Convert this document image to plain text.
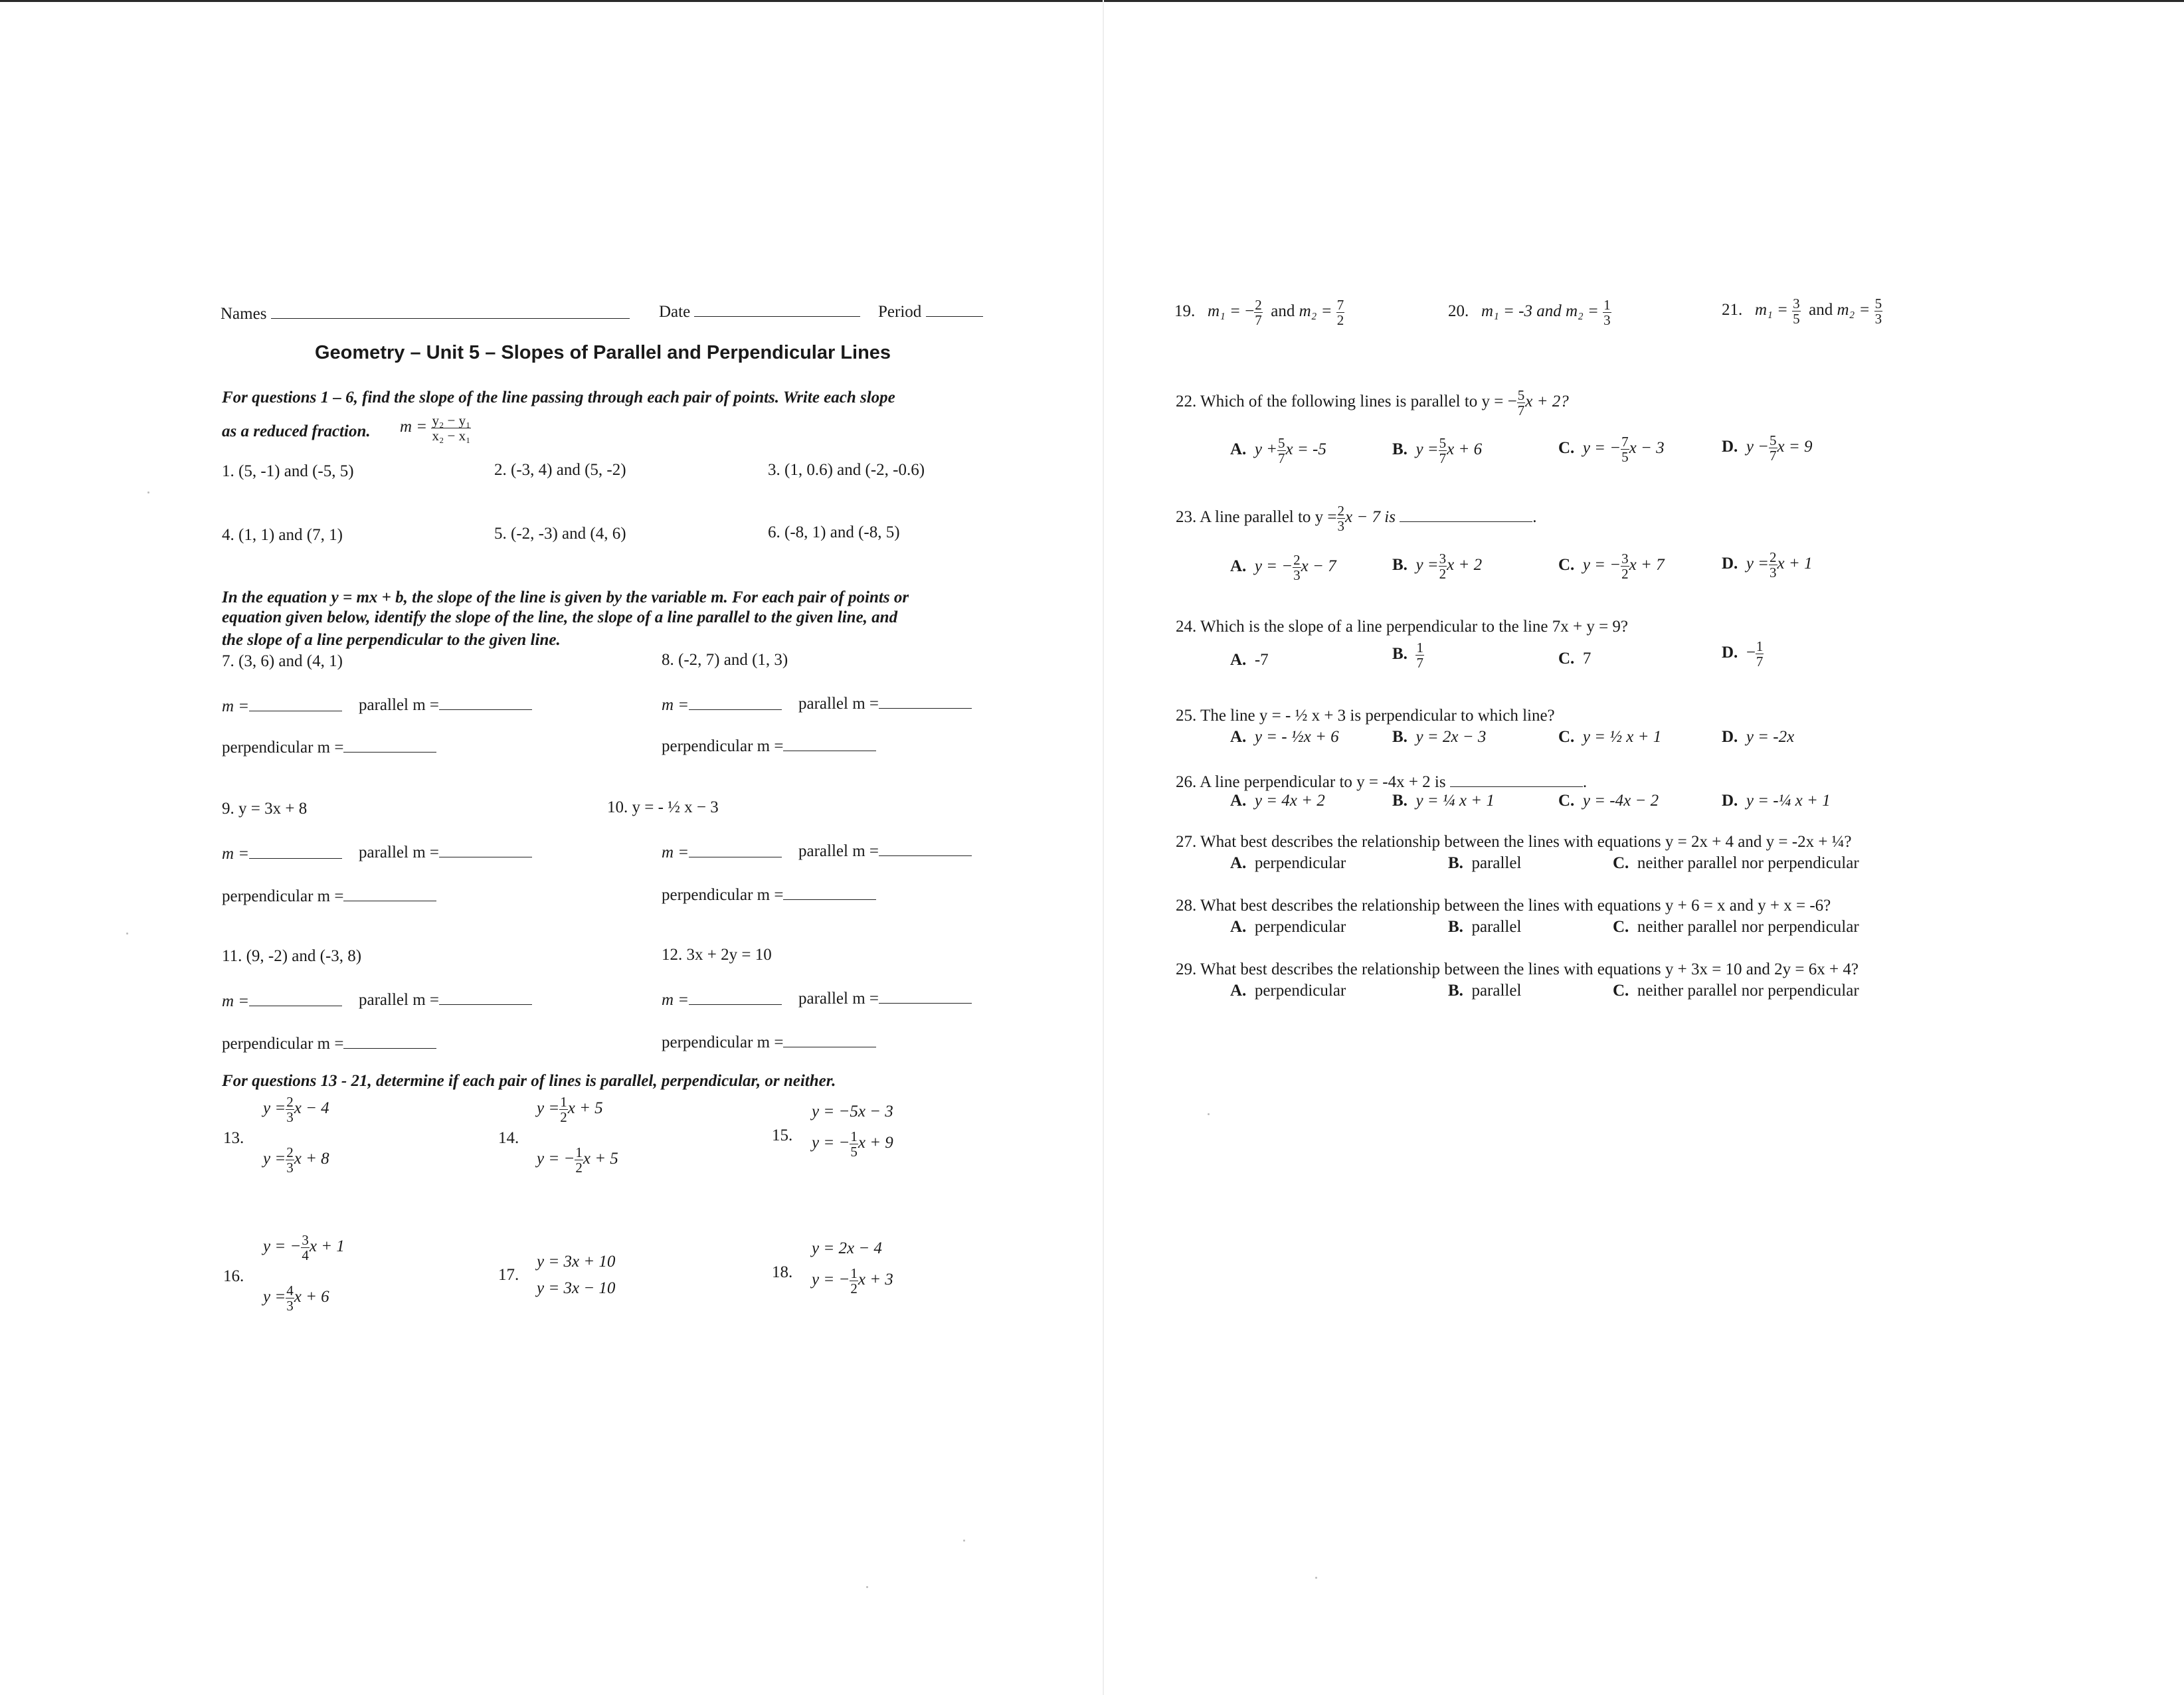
Names	Date	Period
Geometry – Unit 5 – Slopes of Parallel and Perpendicular Lines
For questions 1 – 6, find the slope of the line passing through each pair of points. Write each slope
as a reduced fraction. $m = \frac{\text{y₂ − y₁}}{\text{x₂ − x₁}}$
1. (5, -1) and (-5, 5)	2. (-3, 4) and (5, -2)	3. (1, 0.6) and (-2, -0.6)
4. (1, 1) and (7, 1)	5. (-2, -3) and (4, 6)	6. (-8, 1) and (-8, 5)
In the equation y = mx + b, the slope of the line is given by the variable m. For each pair of points or
equation given below, identify the slope of the line, the slope of a line parallel to the given line, and
the slope of a line perpendicular to the given line.
7. (3, 6) and (4, 1)	8. (-2, 7) and (1, 3)
m =	parallel m =
perpendicular m =
m =	parallel m =
perpendicular m =
9. y = 3x + 8	10. y = - ½ x − 3
m =	parallel m =
perpendicular m =
m =	parallel m =
perpendicular m =
11. (9, -2) and (-3, 8)	12. 3x + 2y = 10
m =	parallel m =
perpendicular m =
m =	parallel m =
perpendicular m =
For questions 13 - 21, determine if each pair of lines is parallel, perpendicular, or neither.
13.
$y = \frac{2}{3}$ x − 4
$y = \frac{2}{3}$ x + 8
14.
$y = \frac{1}{2}$ x + 5
y = − $\frac{1}{2}$ x + 5
15.
y = −5x − 3
y = − $\frac{1}{5}$ x + 9
16.
y = − $\frac{3}{4}$ x + 1
$y = \frac{4}{3}$ x + 6
17.
y = 3x + 10
y = 3x − 10
18.
y = 2x − 4
y = − $\frac{1}{2}$ x + 3
19. m₁ = − $\frac{2}{7}$ and $m_2 = \frac{7}{2}$	20. m₁ = -3 and $m_2 = \frac{1}{3}$	21. $m_1 = \frac{3}{5}$ and $m_2 = \frac{5}{3}$
22. Which of the following lines is parallel to y = − $\frac{5}{7}$ x + 2?
A. $y + \frac{5}{7}$ x = -5	B. $y = \frac{5}{7}$ x + 6	C. y = − $\frac{7}{5}$ x − 3	D. $y - \frac{5}{7}$ x = 9
23. A line parallel to $y = \frac{2}{3}$ x − 7 is	.
A. y = − $\frac{2}{3}$ x − 7	B. $y = \frac{3}{2}$ x + 2	C. y = − $\frac{3}{2}$ x + 7	D. $y = \frac{2}{3}$ x + 1
24. Which is the slope of a line perpendicular to the line 7x + y = 9?
A. -7	B. $\frac{1}{7}$	C. 7	D. − $\frac{1}{7}$
25. The line y = - ½ x + 3 is perpendicular to which line?
A. y = - ½x + 6	B. y = 2x − 3	C. y = ½ x + 1	D. y = -2x
26. A line perpendicular to y = -4x + 2 is	.
A. y = 4x + 2	B. y = ¼ x + 1	C. y = -4x − 2	D. y = -¼ x + 1
27. What best describes the relationship between the lines with equations y = 2x + 4 and y = -2x + ¼?
A. perpendicular	B. parallel	C. neither parallel nor perpendicular
28. What best describes the relationship between the lines with equations y + 6 = x and y + x = -6?
A. perpendicular	B. parallel	C. neither parallel nor perpendicular
29. What best describes the relationship between the lines with equations y + 3x = 10 and 2y = 6x + 4?
A. perpendicular	B. parallel	C. neither parallel nor perpendicular
